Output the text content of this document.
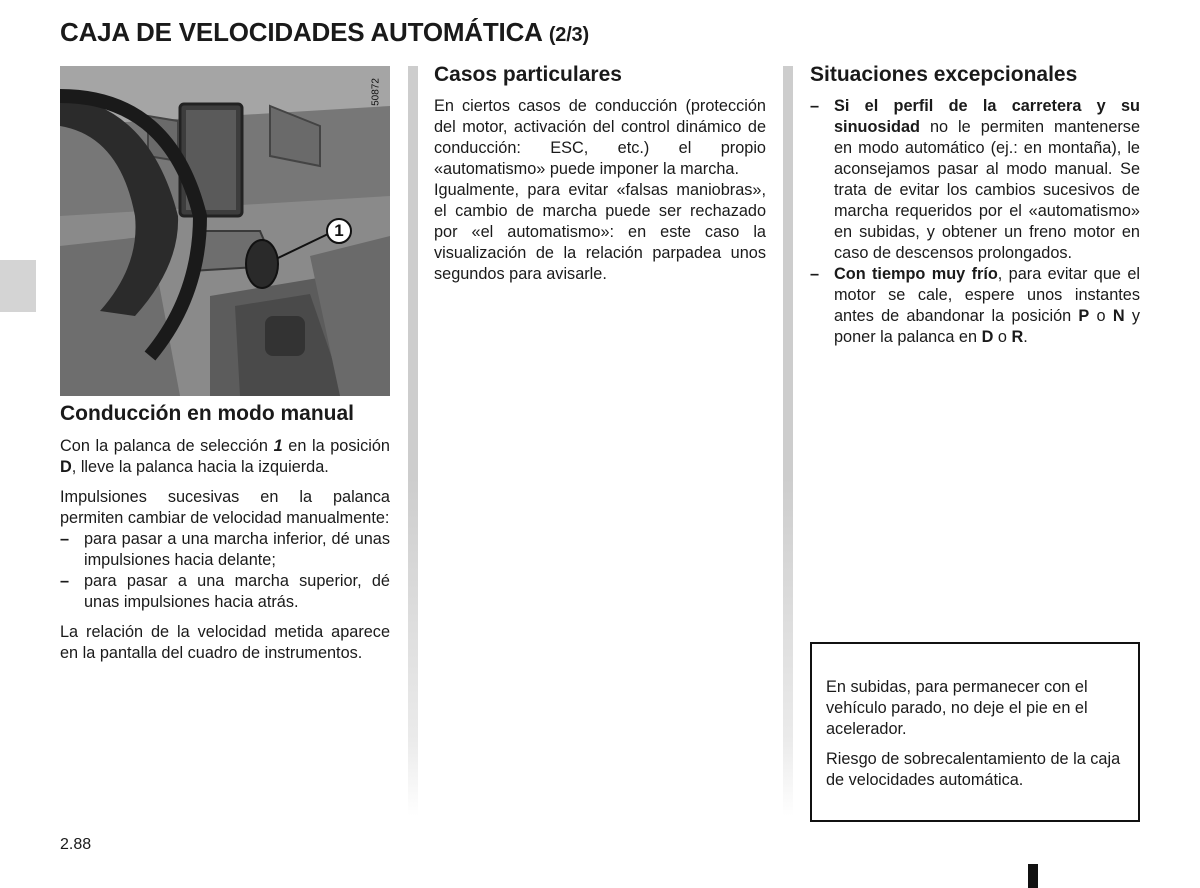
CAJA DE VELOCIDADES AUTOMÁTICA (2/3)
50872
1
Conducción en modo manual

Con la palanca de selección 1 en la posición D, lleve la palanca hacia la izquierda.

Impulsiones sucesivas en la palanca permiten cambiar de velocidad manualmente:

– para pasar a una marcha inferior, dé unas impulsiones hacia delante;
– para pasar a una marcha superior, dé unas impulsiones hacia atrás.

La relación de la velocidad metida aparece en la pantalla del cuadro de instrumentos.

Casos particulares

En ciertos casos de conducción (protección del motor, activación del control dinámico de conducción: ESC, etc.) el propio «automatismo» puede imponer la marcha.

Igualmente, para evitar «falsas maniobras», el cambio de marcha puede ser rechazado por «el automatismo»: en este caso la visualización de la relación parpadea unos segundos para avisarle.

Situaciones excepcionales
– Si el perfil de la carretera y su sinuosidad no le permiten mantenerse en modo automático (ej.: en montaña), le aconsejamos pasar al modo manual. Se trata de evitar los cambios sucesivos de marcha requeridos por el «automatismo» en subidas, y obtener un freno motor en caso de descensos prolongados.
– Con tiempo muy frío, para evitar que el motor se cale, espere unos instantes antes de abandonar la posición P o N y poner la palanca en D o R.

En subidas, para permanecer con el vehículo parado, no deje el pie en el acelerador.

Riesgo de sobrecalentamiento de la caja de velocidades automática.

2.88
